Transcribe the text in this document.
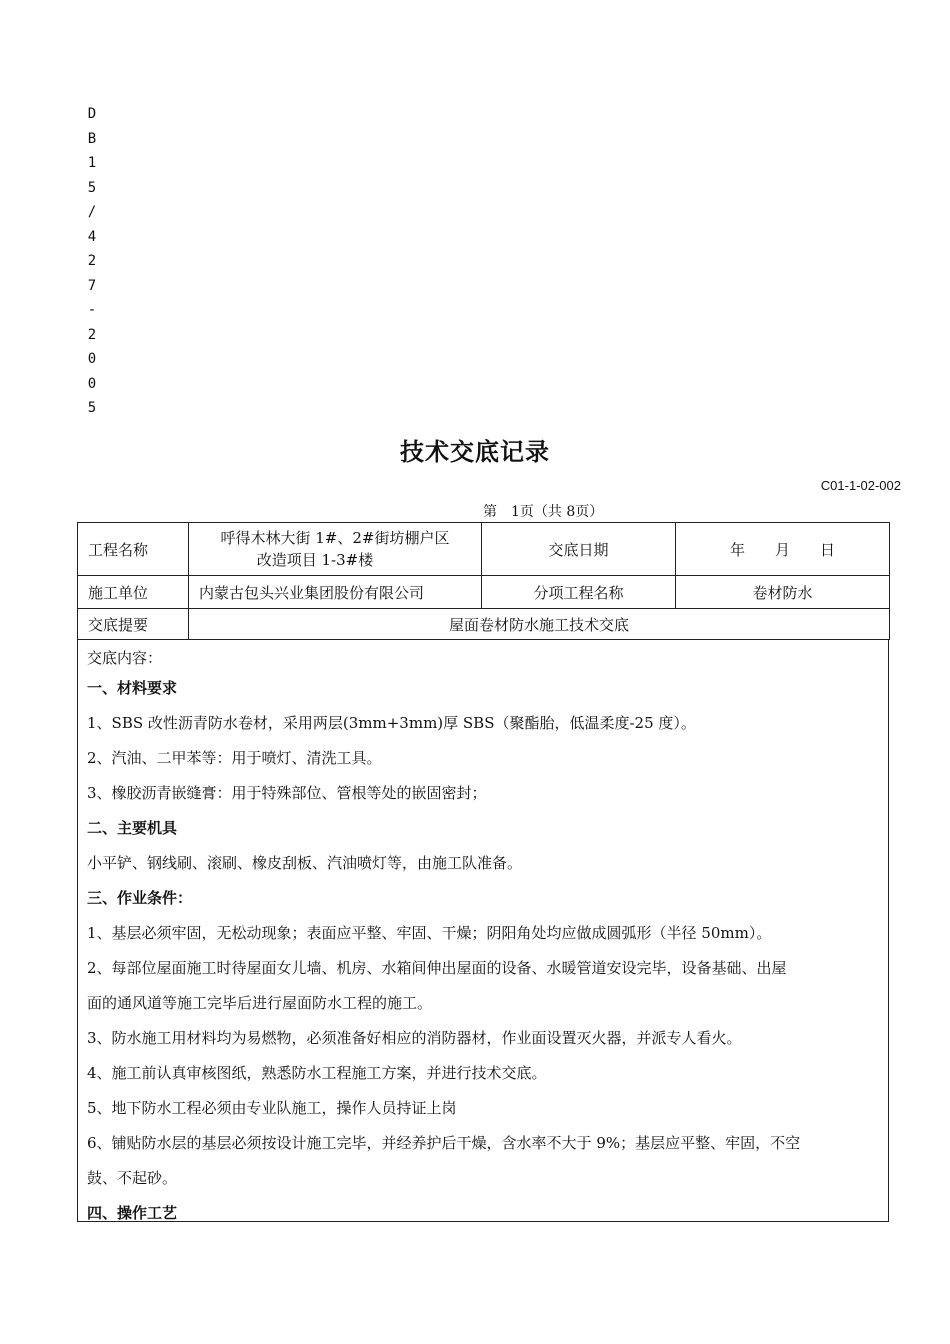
D
B
1
5
/
4
2
7
-
2
0
0
5
技术交底记录
C01-1-02-002
第　1页（共 8页）
工程名称	呼得木林大街 1#、2#街坊棚户区
改造项目 1-3#楼	交底日期	年　　月　　日
施工单位	内蒙古包头兴业集团股份有限公司	分项工程名称	卷材防水
交底提要	屋面卷材防水施工技术交底		

交底内容：

一、材料要求

1、SBS 改性沥青防水卷材，采用两层(3mm+3mm)厚 SBS（聚酯胎，低温柔度-25 度）。

2、汽油、二甲苯等：用于喷灯、清洗工具。

3、橡胶沥青嵌缝膏：用于特殊部位、管根等处的嵌固密封；

二、主要机具

小平铲、钢线刷、滚刷、橡皮刮板、汽油喷灯等，由施工队准备。

三、作业条件：

1、基层必须牢固，无松动现象；表面应平整、牢固、干燥；阴阳角处均应做成圆弧形（半径 50mm）。

2、每部位屋面施工时待屋面女儿墙、机房、水箱间伸出屋面的设备、水暖管道安设完毕，设备基础、出屋

面的通风道等施工完毕后进行屋面防水工程的施工。

3、防水施工用材料均为易燃物，必须准备好相应的消防器材，作业面设置灭火器，并派专人看火。

4、施工前认真审核图纸，熟悉防水工程施工方案，并进行技术交底。

5、地下防水工程必须由专业队施工，操作人员持证上岗

6、铺贴防水层的基层必须按设计施工完毕，并经养护后干燥，含水率不大于 9%；基层应平整、牢固，不空

鼓、不起砂。

四、操作工艺
